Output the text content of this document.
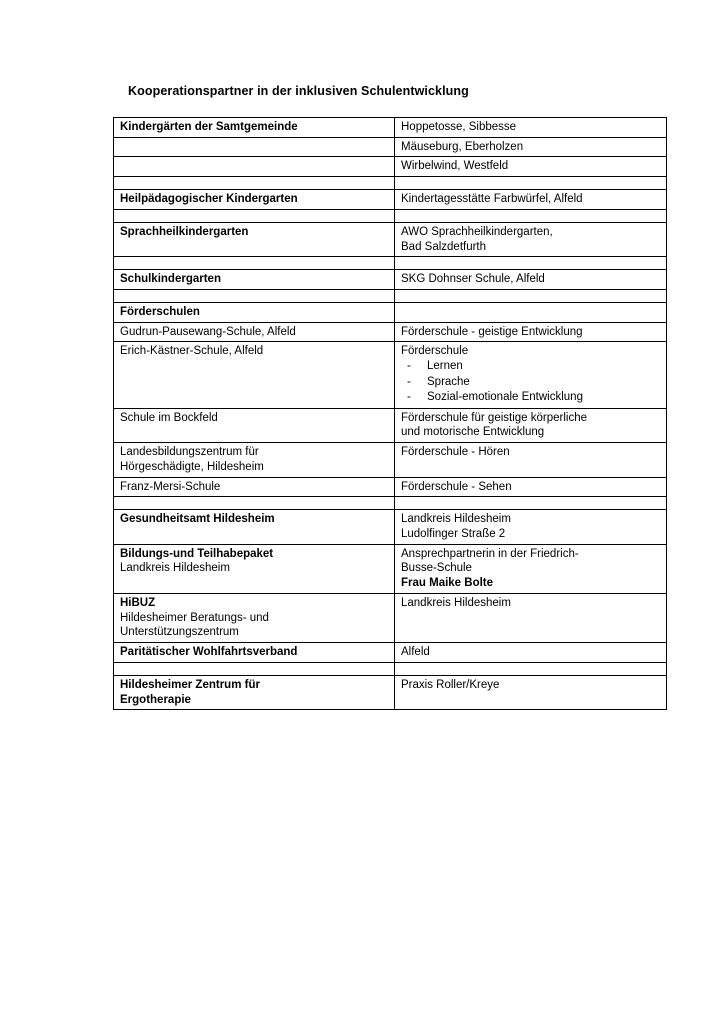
Kooperationspartner in der inklusiven Schulentwicklung
Kindergärten der Samtgemeinde	Hoppetosse, Sibbesse

	Mäuseburg, Eberholzen

	Wirbelwind, Westfeld

Heilpädagogischer Kindergarten	Kindertagesstätte Farbwürfel, Alfeld

Sprachheilkindergarten	AWO Sprachheilkindergarten,
Bad Salzdetfurth

Schulkindergarten	SKG Dohnser Schule, Alfeld

Förderschulen	

Gudrun-Pausewang-Schule, Alfeld	Förderschule - geistige Entwicklung

Erich-Kästner-Schule, Alfeld	Förderschule
- Lernen
- Sprache
- Sozial-emotionale Entwicklung

Schule im Bockfeld	Förderschule für geistige körperliche
und motorische Entwicklung

Landesbildungszentrum für
Hörgeschädigte, Hildesheim	Förderschule - Hören

Franz-Mersi-Schule	Förderschule - Sehen

Gesundheitsamt Hildesheim	Landkreis Hildesheim
Ludolfinger Straße 2

Bildungs-und Teilhabepaket
Landkreis Hildesheim	Ansprechpartnerin in der Friedrich-
Busse-Schule
Frau Maike Bolte

HiBUZ
Hildesheimer Beratungs- und
Unterstützungszentrum	Landkreis Hildesheim

Paritätischer Wohlfahrtsverband	Alfeld

Hildesheimer Zentrum für
Ergotherapie	Praxis Roller/Kreye
